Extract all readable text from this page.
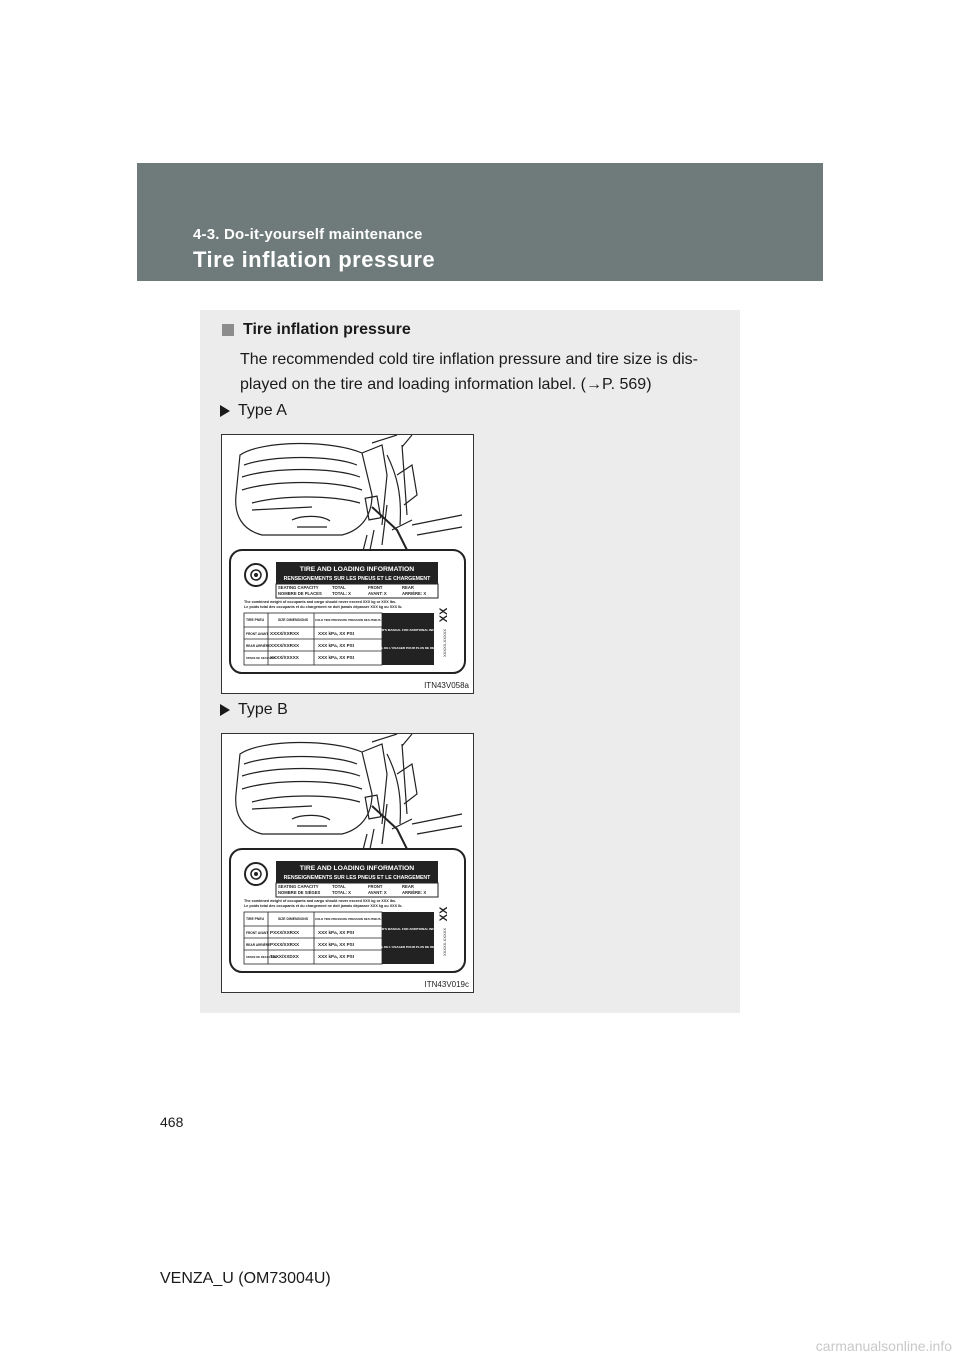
4-3. Do-it-yourself maintenance
Tire inflation pressure
Tire inflation pressure
The recommended cold tire inflation pressure and tire size is dis-
played on the tire and loading information label. (→P. 569)
Type A
TIRE AND LOADING INFORMATION
RENSEIGNEMENTS SUR LES PNEUS ET LE CHARGEMENT
SEATING CAPACITY
NOMBRE DE PLACES
TOTAL
TOTAL: X
FRONT
AVANT: X
REAR
ARRIÈRE: X
The combined weight of occupants and cargo should never exceed XXX kg or XXX lbs.
Le poids total des occupants et du chargement ne doit jamais dépasser XXX kg ou XXX lb.
TIRE PNEU	SIZE DIMENSIONS COLD TIRE PRESSURE PRESSION DES PNEUS À FROID
FRONT AVANT
REAR ARRIÈRE
SPARE DE SECOURS
XXXX/XXRXX
XXXX/XXRXX
XXXX/XXXXX
XXX kPa, XX PSI
XXX kPa, XX PSI
XXX kPa, XX PSI
SEE OWNER'S MANUAL FOR ADDITIONAL INFORMATION
VOIR LE MANUEL DE L'USAGER POUR PLUS DE RENSEIGNEMENTS
XX
XXXXX-XXXXX
ITN43V058a
Type B
TIRE AND LOADING INFORMATION
RENSEIGNEMENTS SUR LES PNEUS ET LE CHARGEMENT
SEATING CAPACITY
NOMBRE DE SIÈGES
TOTAL
TOTAL: X
FRONT
AVANT: X
REAR
ARRIÈRE: X
The combined weight of occupants and cargo should never exceed XXX kg or XXX lbs.
Le poids total des occupants et du chargement ne doit jamais dépasser XXX kg ou XXX lb.
TIRE PNEU	SIZE DIMENSIONS COLD TIRE PRESSURE PRESSION DES PNEUS À FROID
FRONT AVANT
REAR ARRIÈRE
SPARE DE RECHANGE
PXXX/XXRXX
PXXX/XXRXX
TXXX/XXDXX
XXX kPa, XX PSI
XXX kPa, XX PSI
XXX kPa, XX PSI
SEE OWNER'S MANUAL FOR ADDITIONAL INFORMATION
VOIR LE MANUEL DE L'USAGER POUR PLUS DE RENSEIGNEMENTS
XX
XXXXX-XXXXX
ITN43V019c
468
VENZA_U (OM73004U)
carmanualsonline.info
